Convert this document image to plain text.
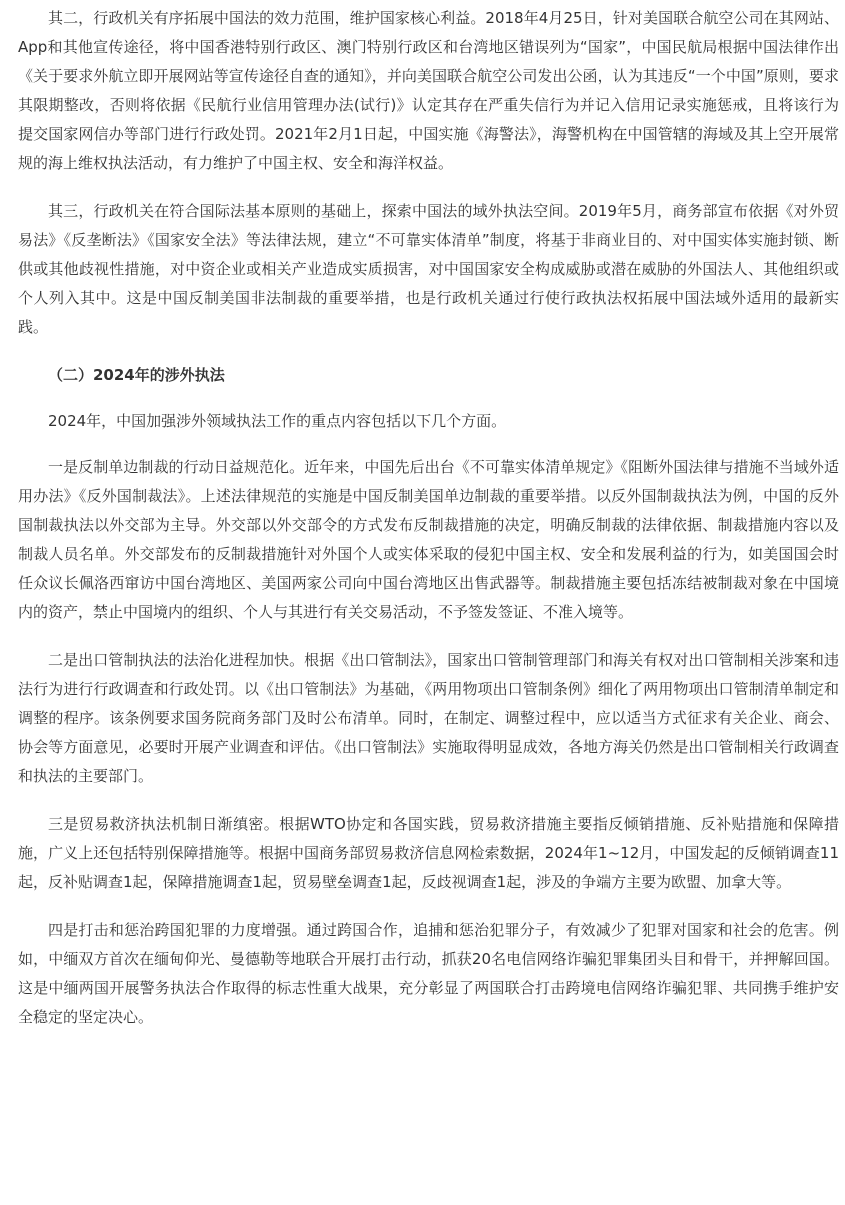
其二，行政机关有序拓展中国法的效力范围，维护国家核心利益。2018年4月25日，针对美国联合航空公司在其网站、App和其他宣传途径，将中国香港特别行政区、澳门特别行政区和台湾地区错误列为“国家”，中国民航局根据中国法律作出《关于要求外航立即开展网站等宣传途径自查的通知》，并向美国联合航空公司发出公函，认为其违反“一个中国”原则，要求其限期整改，否则将依据《民航行业信用管理办法(试行)》认定其存在严重失信行为并记入信用记录实施惩戒，且将该行为提交国家网信办等部门进行行政处罚。2021年2月1日起，中国实施《海警法》，海警机构在中国管辖的海域及其上空开展常规的海上维权执法活动，有力维护了中国主权、安全和海洋权益。

其三，行政机关在符合国际法基本原则的基础上，探索中国法的域外执法空间。2019年5月，商务部宣布依据《对外贸易法》《反垄断法》《国家安全法》等法律法规，建立“不可靠实体清单”制度，将基于非商业目的、对中国实体实施封锁、断供或其他歧视性措施，对中资企业或相关产业造成实质损害，对中国国家安全构成威胁或潜在威胁的外国法人、其他组织或个人列入其中。这是中国反制美国非法制裁的重要举措，也是行政机关通过行使行政执法权拓展中国法域外适用的最新实践。

（二）2024年的涉外执法

2024年，中国加强涉外领域执法工作的重点内容包括以下几个方面。

一是反制单边制裁的行动日益规范化。近年来，中国先后出台《不可靠实体清单规定》《阻断外国法律与措施不当域外适用办法》《反外国制裁法》。上述法律规范的实施是中国反制美国单边制裁的重要举措。以反外国制裁执法为例，中国的反外国制裁执法以外交部为主导。外交部以外交部令的方式发布反制裁措施的决定，明确反制裁的法律依据、制裁措施内容以及制裁人员名单。外交部发布的反制裁措施针对外国个人或实体采取的侵犯中国主权、安全和发展利益的行为，如美国国会时任众议长佩洛西窜访中国台湾地区、美国两家公司向中国台湾地区出售武器等。制裁措施主要包括冻结被制裁对象在中国境内的资产，禁止中国境内的组织、个人与其进行有关交易活动，不予签发签证、不准入境等。

二是出口管制执法的法治化进程加快。根据《出口管制法》，国家出口管制管理部门和海关有权对出口管制相关涉案和违法行为进行行政调查和行政处罚。以《出口管制法》为基础，《两用物项出口管制条例》细化了两用物项出口管制清单制定和调整的程序。该条例要求国务院商务部门及时公布清单。同时，在制定、调整过程中，应以适当方式征求有关企业、商会、协会等方面意见，必要时开展产业调查和评估。《出口管制法》实施取得明显成效，各地方海关仍然是出口管制相关行政调查和执法的主要部门。

三是贸易救济执法机制日渐缜密。根据WTO协定和各国实践，贸易救济措施主要指反倾销措施、反补贴措施和保障措施，广义上还包括特别保障措施等。根据中国商务部贸易救济信息网检索数据，2024年1~12月，中国发起的反倾销调查11起，反补贴调查1起，保障措施调查1起，贸易壁垒调查1起，反歧视调查1起，涉及的争端方主要为欧盟、加拿大等。

四是打击和惩治跨国犯罪的力度增强。通过跨国合作，追捕和惩治犯罪分子，有效减少了犯罪对国家和社会的危害。例如，中缅双方首次在缅甸仰光、曼德勒等地联合开展打击行动，抓获20名电信网络诈骗犯罪集团头目和骨干，并押解回国。这是中缅两国开展警务执法合作取得的标志性重大战果，充分彰显了两国联合打击跨境电信网络诈骗犯罪、共同携手维护安全稳定的坚定决心。
